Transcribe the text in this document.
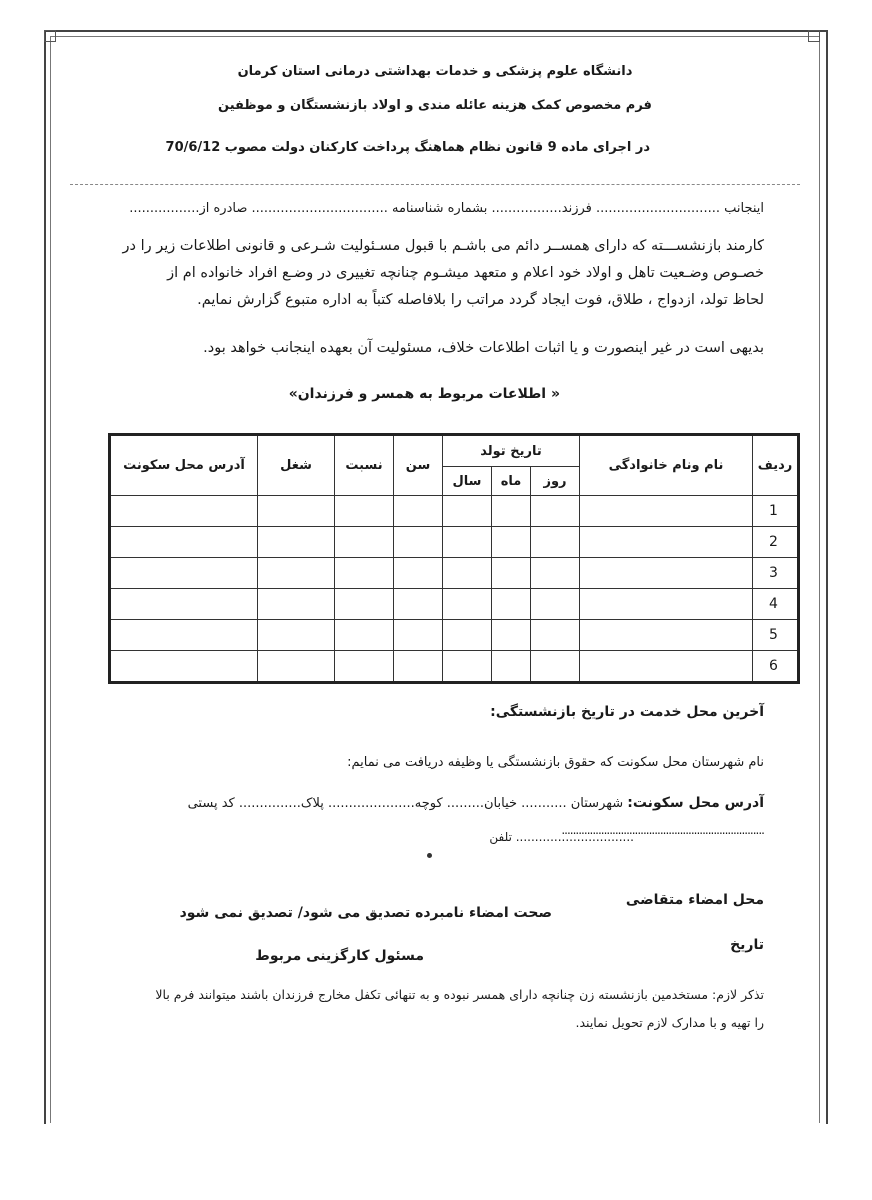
دانشگاه علوم پزشکی و خدمات بهداشتی درمانی استان کرمان
فرم مخصوص کمک هزینه عائله مندی و اولاد بازنشستگان و موظفین
در اجرای ماده 9 قانون نظام هماهنگ پرداخت کارکنان دولت مصوب 70/6/12
اینجانب .............................. فرزند................. بشماره شناسنامه ................................. صادره از.................
کارمند بازنشســـته که دارای همســر دائم می باشـم با قبول مسـئولیت شـرعی و قانونی اطلاعات زیر را در
خصـوص وضـعیت تاهل و اولاد خود اعلام و متعهد میشـوم چنانچه تغییری در وضـع افراد خانواده ام از
لحاظ تولد، ازدواج ، طلاق، فوت ایجاد گردد مراتب را بلافاصله کتباً به اداره متبوع گزارش نمایم.
بدیهی است در غیر اینصورت و یا اثبات اطلاعات خلاف، مسئولیت آن بعهده اینجانب خواهد بود.
« اطلاعات مربوط به همسر و فرزندان»
ردیف	نام ونام خانوادگی	تاریخ تولد			سن	نسبت	شغل	آدرس محل سکونت
		روز	ماه	سال				
1								
2								
3								
4								
5								
6								
آخرین محل خدمت در تاریخ بازنشستگی:
نام شهرستان محل سکونت که حقوق بازنشستگی یا وظیفه دریافت می نمایم:
آدرس محل سکونت: شهرستان ........... خیابان......... کوچه..................... پلاک............... کد پستی
........................................................................
............................... تلفن
محل امضاء متقاضی
صحت امضاء نامبرده تصدیق می شود/ تصدیق نمی شود
تاریخ
مسئول کارگزینی مربوط
تذکر لازم: مستخدمین بازنشسته زن چنانچه دارای همسر نبوده و به تنهائی تکفل مخارج فرزندان باشند میتوانند فرم بالا
را تهیه و با مدارک لازم تحویل نمایند.
